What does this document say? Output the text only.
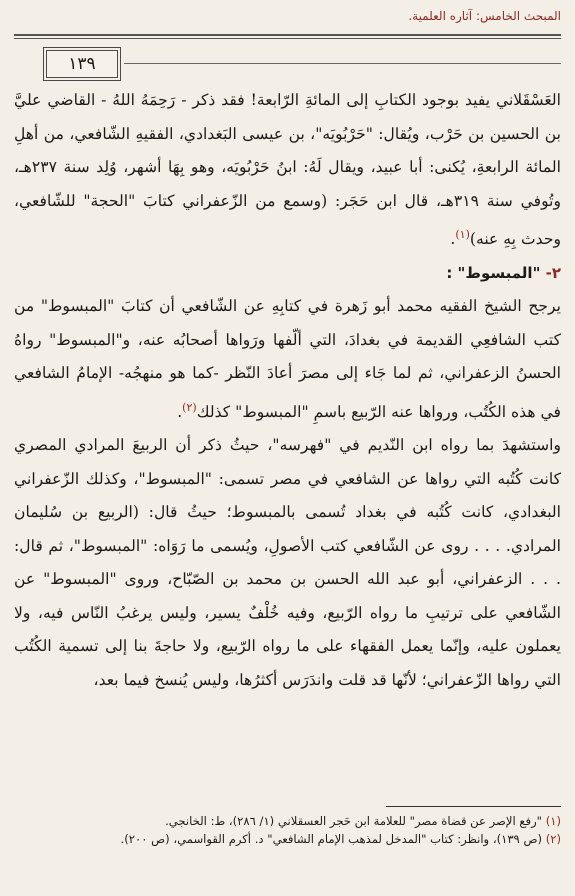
المبحث الخامس: آثاره العلمية.
١٣٩

العَسْقَلاني يفيد بوجود الكتابِ إلى المائةِ الرّابعة! فقد ذكر - رَحِمَهُ اللهُ - القاضي عليَّ بن الحسين بن حَرْب، ويُقال: "حَرْبُويَه"، بن عيسى البَغدادي، الفقيهِ الشّافعي، من أهلِ المائة الرابعةِ، يُكنى: أبا عبيد، ويقال لَهُ: ابنُ حَرْبُويَه، وهو بِهَا أشهر، وُلِد سنة ٢٣٧هـ، وتُوفي سنة ٣١٩هـ، قال ابن حَجَر: (وسمع من الزّعفراني كتابَ "الحجة" للشّافعي، وحدث بِهِ عنه)$^{(١)}$.

٢- "المبسوط" :

يرجح الشيخ الفقيه محمد أبو زَهرة في كتابِهِ عن الشّافعي أن كتابَ "المبسوط" من كتب الشافعِي القديمة في بغدادَ، التي ألّفها ورَواها أصحابُه عنه، و"المبسوط" رواهُ الحسنُ الزعفراني، ثم لما جَاء إلى مصرَ أعادَ النّظر -كما هو منهجُه- الإمامُ الشافعي في هذه الكُتُب، ورواها عنه الرّبيع باسمِ "المبسوط" كذلك$^{(٢)}$.

واستشهدَ بما رواه ابن النّديم في "فهرسه"، حيثُ ذكر أن الربيعَ المرادي المصري كانت كُتُبه التي رواها عن الشافعي في مصر تسمى: "المبسوط"، وكذلك الزّعفراني البغدادي، كانت كُتُبه في بغداد تُسمى بالمبسوط؛ حيثُ قال: (الربيع بن سُليمان المرادي. . . . روى عن الشّافعي كتب الأصولِ، ويُسمى ما رَوَاه: "المبسوط"، ثم قال: . . . الزعفراني، أبو عبد الله الحسن بن محمد بن الصّبّاح، وروى "المبسوط" عن الشّافعي على ترتيبِ ما رواه الرّبيع، وفيه خُلْفٌ يسير، وليس يرغبُ النّاس فيه، ولا يعملون عليه، وإنّما يعمل الفقهاء على ما رواه الرّبيع، ولا حاجةَ بنا إلى تسمية الكُتُب التي رواها الزّعفراني؛ لأنّها قد قلت واندَرَس أكثرُها، وليس يُنسخ فيما بعد،

(١) "رفع الإصر عن قضاة مصر" للعلامة ابن حَجر العسقلاني (١/ ٢٨٦)، ط: الخانجي.

(٢) (ص ١٣٩)، وانظر: كتاب "المدخل لمذهب الإمام الشافعي" د. أكرم القواسمي، (ص ٢٠٠).
